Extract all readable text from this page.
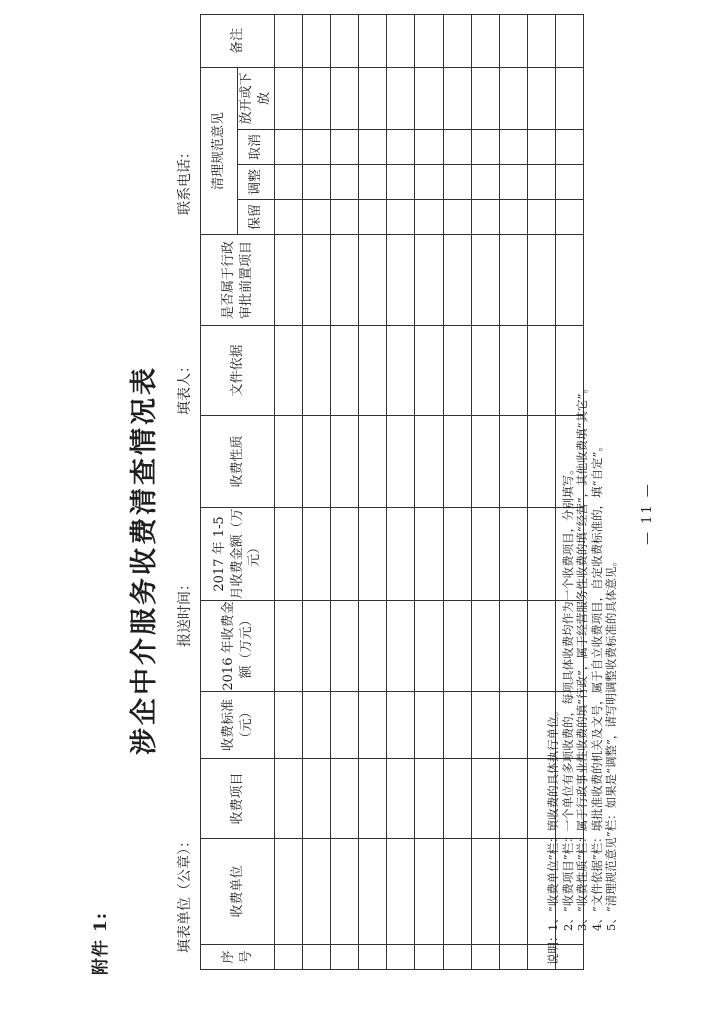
附件 1:
涉企中介服务收费清查情况表
填表单位（公章）：
报送时间：
填表人：
联系电话：
序号	收费单位	收费项目	收费标准（元）	2016 年收费金额（万元）	2017 年 1-5 月收费金额（万元）	收费性质	文件依据	是否属于行政审批前置项目	清理规范意见				备注
									保留	调整	取消	放开或下放	

说明：
1、“收费单位”栏：填收费的具体执行单位。 2、“收费项目”栏：一个单位有多项收费的，每项具体收费均作为一个收费项目，分别填写。 3、“收费性质”栏：属于行政事业性收费的填“行政”，属于经营服务性收费的填“经营”，其他收费填“其它”。 4、“文件依据”栏：填批准收费的机关及文号，属于自立收费项目，自定收费标准的，填“自定”。 5、“清理规范意见”栏：如果是“调整”，请写明调整收费标准的具体意见。
— 11 —
